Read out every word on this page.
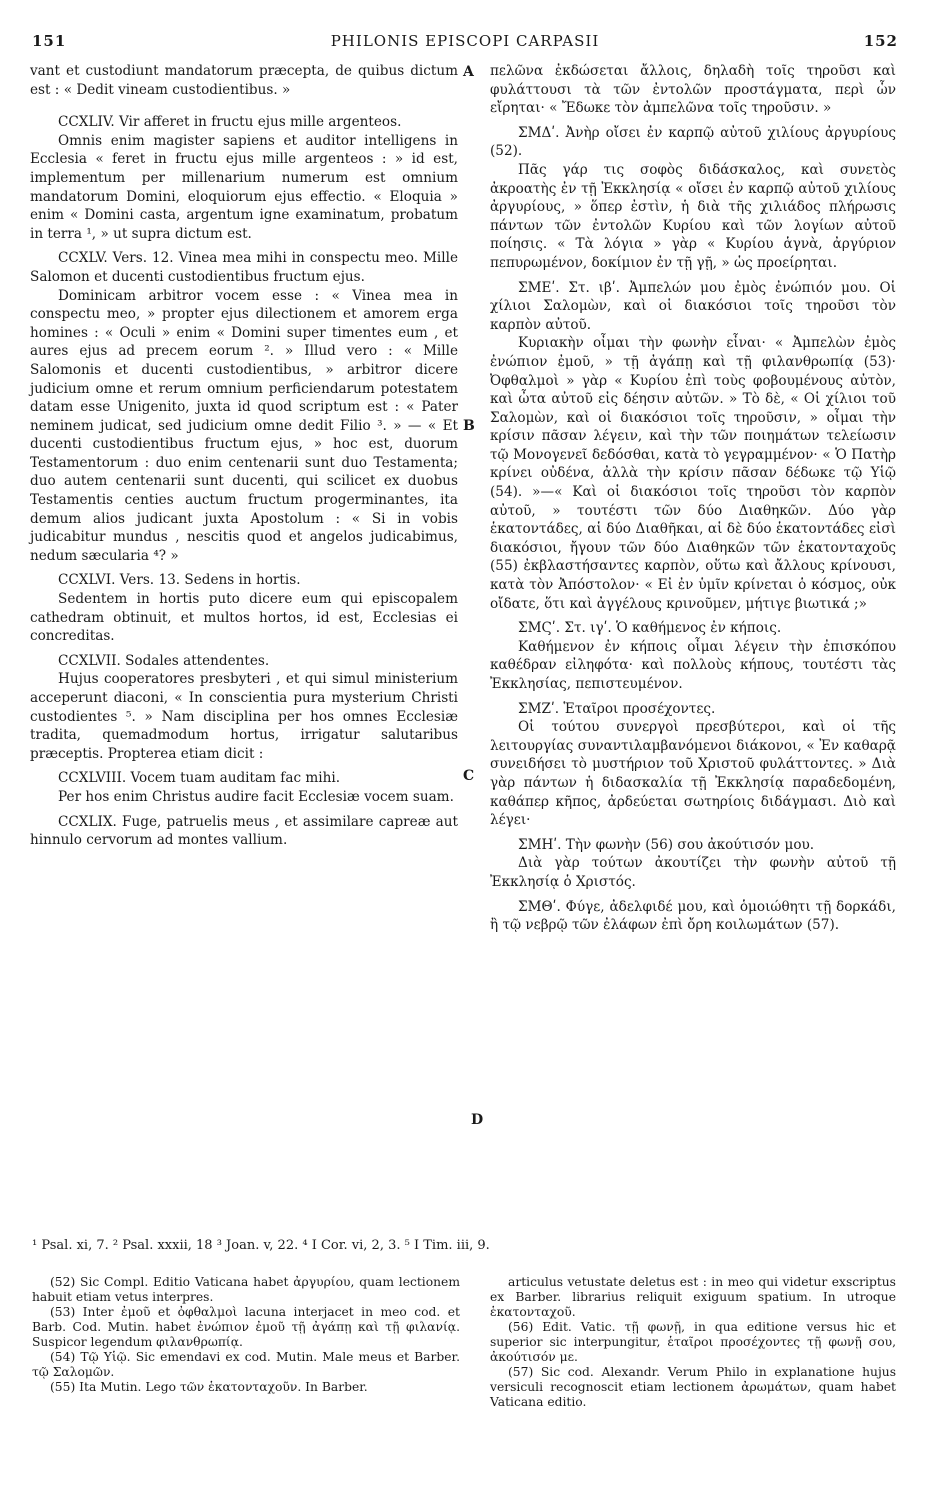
151	PHILONIS EPISCOPI CARPASII	152

vant et custodiunt mandatorum præcepta, de quibus dictum est : « Dedit vineam custodientibus. »

CCXLIV. Vir afferet in fructu ejus mille argenteos.

Omnis enim magister sapiens et auditor intelligens in Ecclesia « feret in fructu ejus mille argenteos : » id est, implementum per millenarium numerum est omnium mandatorum Domini, eloquiorum ejus effectio. « Eloquia » enim « Domini casta, argentum igne examinatum, probatum in terra ¹, » ut supra dictum est.

CCXLV. Vers. 12. Vinea mea mihi in conspectu meo. Mille Salomon et ducenti custodientibus fructum ejus.

Dominicam arbitror vocem esse : « Vinea mea in conspectu meo, » propter ejus dilectionem et amorem erga homines : « Oculi » enim « Domini super timentes eum , et aures ejus ad precem eorum ². » Illud vero : « Mille Salomonis et ducenti custodientibus, » arbitror dicere judicium omne et rerum omnium perficiendarum potestatem datam esse Unigenito, juxta id quod scriptum est : « Pater neminem judicat, sed judicium omne dedit Filio ³. » — « Et ducenti custodientibus fructum ejus, » hoc est, duorum Testamentorum : duo enim centenarii sunt duo Testamenta; duo autem centenarii sunt ducenti, qui scilicet ex duobus Testamentis centies auctum fructum progerminantes, ita demum alios judicant juxta Apostolum : « Si in vobis judicabitur mundus , nescitis quod et angelos judicabimus, nedum sæcularia ⁴? »

CCXLVI. Vers. 13. Sedens in hortis.

Sedentem in hortis puto dicere eum qui episcopalem cathedram obtinuit, et multos hortos, id est, Ecclesias ei concreditas.

CCXLVII. Sodales attendentes.

Hujus cooperatores presbyteri , et qui simul ministerium acceperunt diaconi, « In conscientia pura mysterium Christi custodientes ⁵. » Nam disciplina per hos omnes Ecclesiæ tradita, quemadmodum hortus, irrigatur salutaribus præceptis. Propterea etiam dicit :

CCXLVIII. Vocem tuam auditam fac mihi.

Per hos enim Christus audire facit Ecclesiæ vocem suam.

CCXLIX. Fuge, patruelis meus , et assimilare capreæ aut hinnulo cervorum ad montes vallium.

πελῶνα ἐκδώσεται ἄλλοις, δηλαδὴ τοῖς τηροῦσι καὶ φυλάττουσι τὰ τῶν ἐντολῶν προστάγματα, περὶ ὧν εἴρηται· « Ἔδωκε τὸν ἀμπελῶνα τοῖς τηροῦσιν. »

ΣΜΔʹ. Ἀνὴρ οἴσει ἐν καρπῷ αὐτοῦ χιλίους ἀργυρίους (52).

Πᾶς γάρ τις σοφὸς διδάσκαλος, καὶ συνετὸς ἀκροατὴς ἐν τῇ Ἐκκλησίᾳ « οἴσει ἐν καρπῷ αὐτοῦ χιλίους ἀργυρίους, » ὅπερ ἐστὶν, ἡ διὰ τῆς χιλιάδος πλήρωσις πάντων τῶν ἐντολῶν Κυρίου καὶ τῶν λογίων αὐτοῦ ποίησις. « Τὰ λόγια » γὰρ « Κυρίου ἁγνὰ, ἀργύριον πεπυρωμένον, δοκίμιον ἐν τῇ γῇ, » ὡς προείρηται.

ΣΜΕʹ. Στ. ιβʹ. Ἀμπελών μου ἐμὸς ἐνώπιόν μου. Οἱ χίλιοι Σαλομὼν, καὶ οἱ διακόσιοι τοῖς τηροῦσι τὸν καρπὸν αὐτοῦ.

Κυριακὴν οἶμαι τὴν φωνὴν εἶναι· « Ἀμπελὼν ἐμὸς ἐνώπιον ἐμοῦ, » τῇ ἀγάπῃ καὶ τῇ φιλανθρωπίᾳ (53)· Ὀφθαλμοὶ » γὰρ « Κυρίου ἐπὶ τοὺς φοβουμένους αὐτὸν, καὶ ὦτα αὐτοῦ εἰς δέησιν αὐτῶν. » Τὸ δὲ, « Οἱ χίλιοι τοῦ Σαλομὼν, καὶ οἱ διακόσιοι τοῖς τηροῦσιν, » οἶμαι τὴν κρίσιν πᾶσαν λέγειν, καὶ τὴν τῶν ποιημάτων τελείωσιν τῷ Μονογενεῖ δεδόσθαι, κατὰ τὸ γεγραμμένον· « Ὁ Πατὴρ κρίνει οὐδένα, ἀλλὰ τὴν κρίσιν πᾶσαν δέδωκε τῷ Υἱῷ (54). »—« Καὶ οἱ διακόσιοι τοῖς τηροῦσι τὸν καρπὸν αὐτοῦ, » τουτέστι τῶν δύο Διαθηκῶν. Δύο γὰρ ἑκατοντάδες, αἱ δύο Διαθῆκαι, αἱ δὲ δύο ἑκατοντάδες εἰσὶ διακόσιοι, ἤγουν τῶν δύο Διαθηκῶν τῶν ἑκατονταχοῦς (55) ἐκβλαστήσαντες καρπὸν, οὕτω καὶ ἄλλους κρίνουσι, κατὰ τὸν Ἀπόστολον· « Εἰ ἐν ὑμῖν κρίνεται ὁ κόσμος, οὐκ οἴδατε, ὅτι καὶ ἀγγέλους κρινοῦμεν, μήτιγε βιωτικά ;»

ΣΜϚʹ. Στ. ιγʹ. Ὁ καθήμενος ἐν κήποις.

Καθήμενον ἐν κήποις οἶμαι λέγειν τὴν ἐπισκόπου καθέδραν εἰληφότα· καὶ πολλοὺς κήπους, τουτέστι τὰς Ἐκκλησίας, πεπιστευμένον.

ΣΜΖʹ. Ἑταῖροι προσέχοντες.

Οἱ τούτου συνεργοὶ πρεσβύτεροι, καὶ οἱ τῆς λειτουργίας συναντιλαμβανόμενοι διάκονοι, « Ἐν καθαρᾷ συνειδήσει τὸ μυστήριον τοῦ Χριστοῦ φυλάττοντες. » Διὰ γὰρ πάντων ἡ διδασκαλία τῇ Ἐκκλησίᾳ παραδεδομένη, καθάπερ κῆπος, ἀρδεύεται σωτηρίοις διδάγμασι. Διὸ καὶ λέγει·

ΣΜΗʹ. Τὴν φωνὴν (56) σου ἀκούτισόν μου.

Διὰ γὰρ τούτων ἀκουτίζει τὴν φωνὴν αὐτοῦ τῇ Ἐκκλησίᾳ ὁ Χριστός.

ΣΜΘʹ. Φύγε, ἀδελφιδέ μου, καὶ ὁμοιώθητι τῇ δορκάδι, ἢ τῷ νεβρῷ τῶν ἐλάφων ἐπὶ ὄρη κοιλωμάτων (57).

A
B
C
D
¹ Psal. xi, 7. ² Psal. xxxii, 18 ³ Joan. v, 22. ⁴ I Cor. vi, 2, 3. ⁵ I Tim. iii, 9.

(52) Sic Compl. Editio Vaticana habet ἀργυρίου, quam lectionem habuit etiam vetus interpres.

(53) Inter ἐμοῦ et ὀφθαλμοὶ lacuna interjacet in meo cod. et Barb. Cod. Mutin. habet ἐνώπιον ἐμοῦ τῇ ἀγάπῃ καὶ τῇ φιλανίᾳ. Suspicor legendum φιλανθρωπίᾳ.

(54) Τῷ Υἱῷ. Sic emendavi ex cod. Mutin. Male meus et Barber. τῷ Σαλομῶν.

(55) Ita Mutin. Lego τῶν ἑκατονταχοῦν. In Barber.

articulus vetustate deletus est : in meo qui videtur exscriptus ex Barber. librarius reliquit exiguum spatium. In utroque ἑκατονταχοῦ.

(56) Edit. Vatic. τῇ φωνῇ, in qua editione versus hic et superior sic interpungitur, ἑταῖροι προσέχοντες τῇ φωνῇ σου, ἀκούτισόν με.

(57) Sic cod. Alexandr. Verum Philo in explanatione hujus versiculi recognoscit etiam lectionem ἀρωμάτων, quam habet Vaticana editio.
